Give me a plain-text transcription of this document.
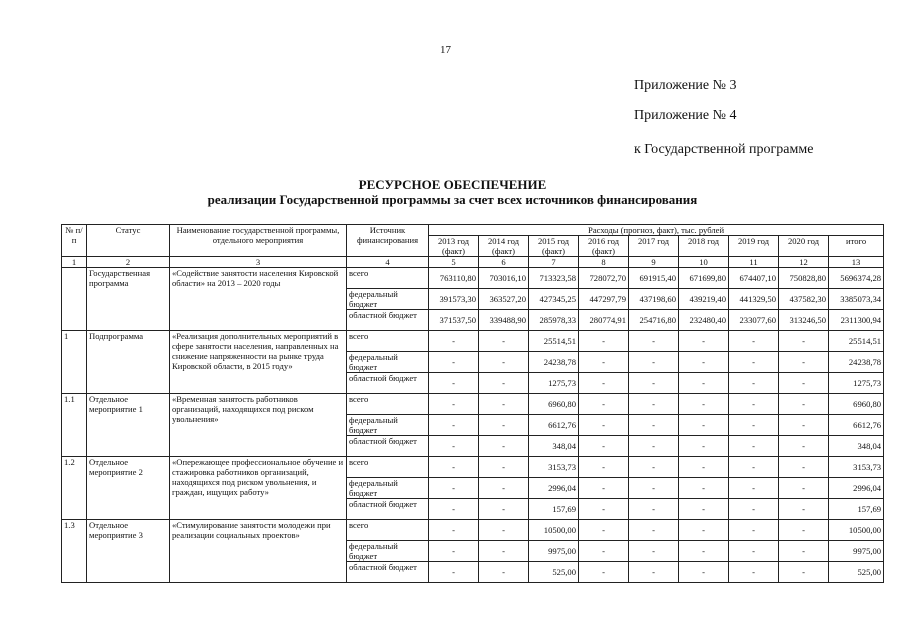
17
Приложение № 3
Приложение № 4
к Государственной программе
РЕСУРСНОЕ ОБЕСПЕЧЕНИЕ
реализации Государственной программы за счет всех источников финансирования
№ п/п	Статус	Наименование государственной программы, отдельного мероприятия	Источник финансирования	Расходы (прогноз, факт), тыс. рублей								
				2013 год (факт)	2014 год (факт)	2015 год (факт)	2016 год (факт)	2017 год	2018 год	2019 год	2020 год	итого
1	2	3	4	5	6	7	8	9	10	11	12	13
	Государственная программа	«Содействие занятости населения Кировской области» на 2013 – 2020 годы	всего	763110,80	703016,10	713323,58	728072,70	691915,40	671699,80	674407,10	750828,80	5696374,28
			федеральный бюджет	391573,30	363527,20	427345,25	447297,79	437198,60	439219,40	441329,50	437582,30	3385073,34
			областной бюджет	371537,50	339488,90	285978,33	280774,91	254716,80	232480,40	233077,60	313246,50	2311300,94
1	Подпрограмма	«Реализация дополнительных мероприятий в сфере занятости населения, направленных на снижение напряженности на рынке труда Кировской области, в 2015 году»	всего	-	-	25514,51	-	-	-	-	-	25514,51
			федеральный бюджет	-	-	24238,78	-	-	-	-	-	24238,78
			областной бюджет	-	-	1275,73	-	-	-	-	-	1275,73
1.1	Отдельное мероприятие 1	«Временная занятость работников организаций, находящихся под риском увольнения»	всего	-	-	6960,80	-	-	-	-	-	6960,80
			федеральный бюджет	-	-	6612,76	-	-	-	-	-	6612,76
			областной бюджет	-	-	348,04	-	-	-	-	-	348,04
1.2	Отдельное мероприятие 2	«Опережающее профессиональное обучение и стажировка работников организаций, находящихся под риском увольнения, и граждан, ищущих работу»	всего	-	-	3153,73	-	-	-	-	-	3153,73
			федеральный бюджет	-	-	2996,04	-	-	-	-	-	2996,04
			областной бюджет	-	-	157,69	-	-	-	-	-	157,69
1.3	Отдельное мероприятие 3	«Стимулирование занятости молодежи при реализации социальных проектов»	всего	-	-	10500,00	-	-	-	-	-	10500,00
			федеральный бюджет	-	-	9975,00	-	-	-	-	-	9975,00
			областной бюджет	-	-	525,00	-	-	-	-	-	525,00
